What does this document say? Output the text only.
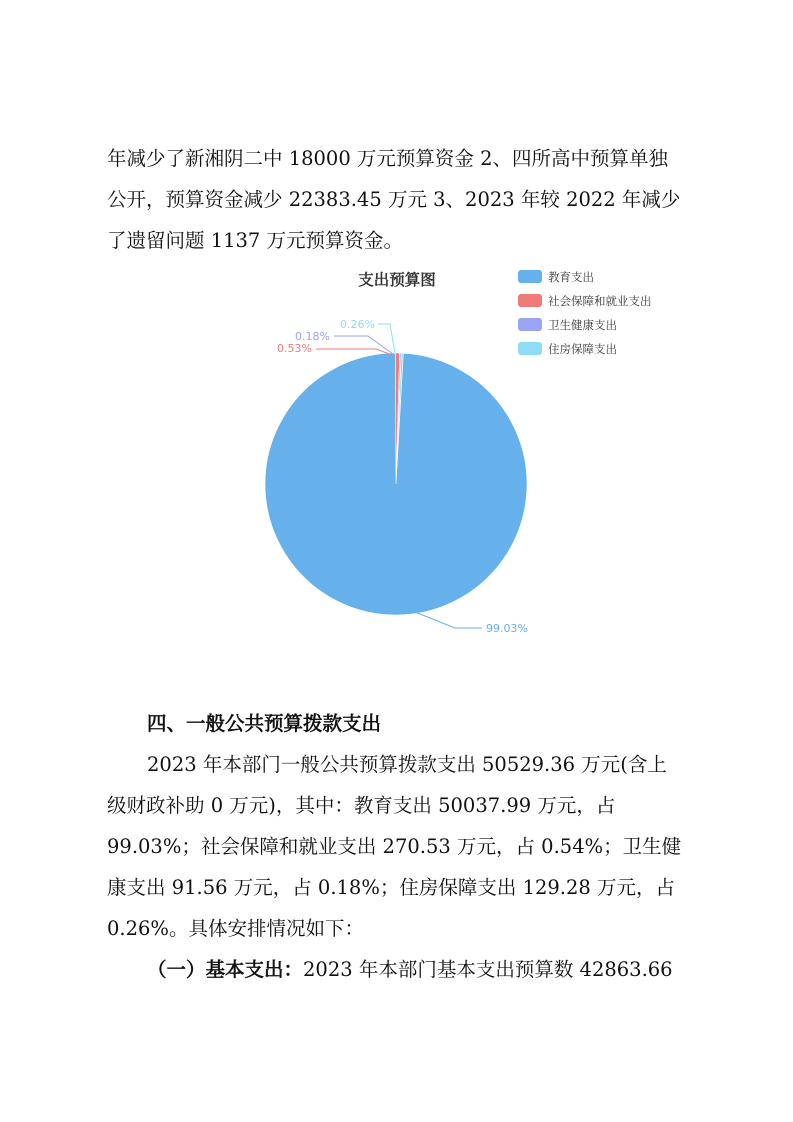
年减少了新湘阴二中 18000 万元预算资金 2、四所高中预算单独
公开，预算资金减少 22383.45 万元 3、2023 年较 2022 年减少
了遗留问题 1137 万元预算资金。
支出预算图	教育支出
社会保障和就业支出
卫生健康支出
住房保障支出
99.03%
0.53%
0.18%
0.26%
四、一般公共预算拨款支出
2023 年本部门一般公共预算拨款支出 50529.36 万元(含上
级财政补助 0 万元)，其中：教育支出 50037.99 万元，占
99.03%；社会保障和就业支出 270.53 万元，占 0.54%；卫生健
康支出 91.56 万元，占 0.18%；住房保障支出 129.28 万元，占
0.26%。具体安排情况如下：
（一）基本支出：2023 年本部门基本支出预算数 42863.66
